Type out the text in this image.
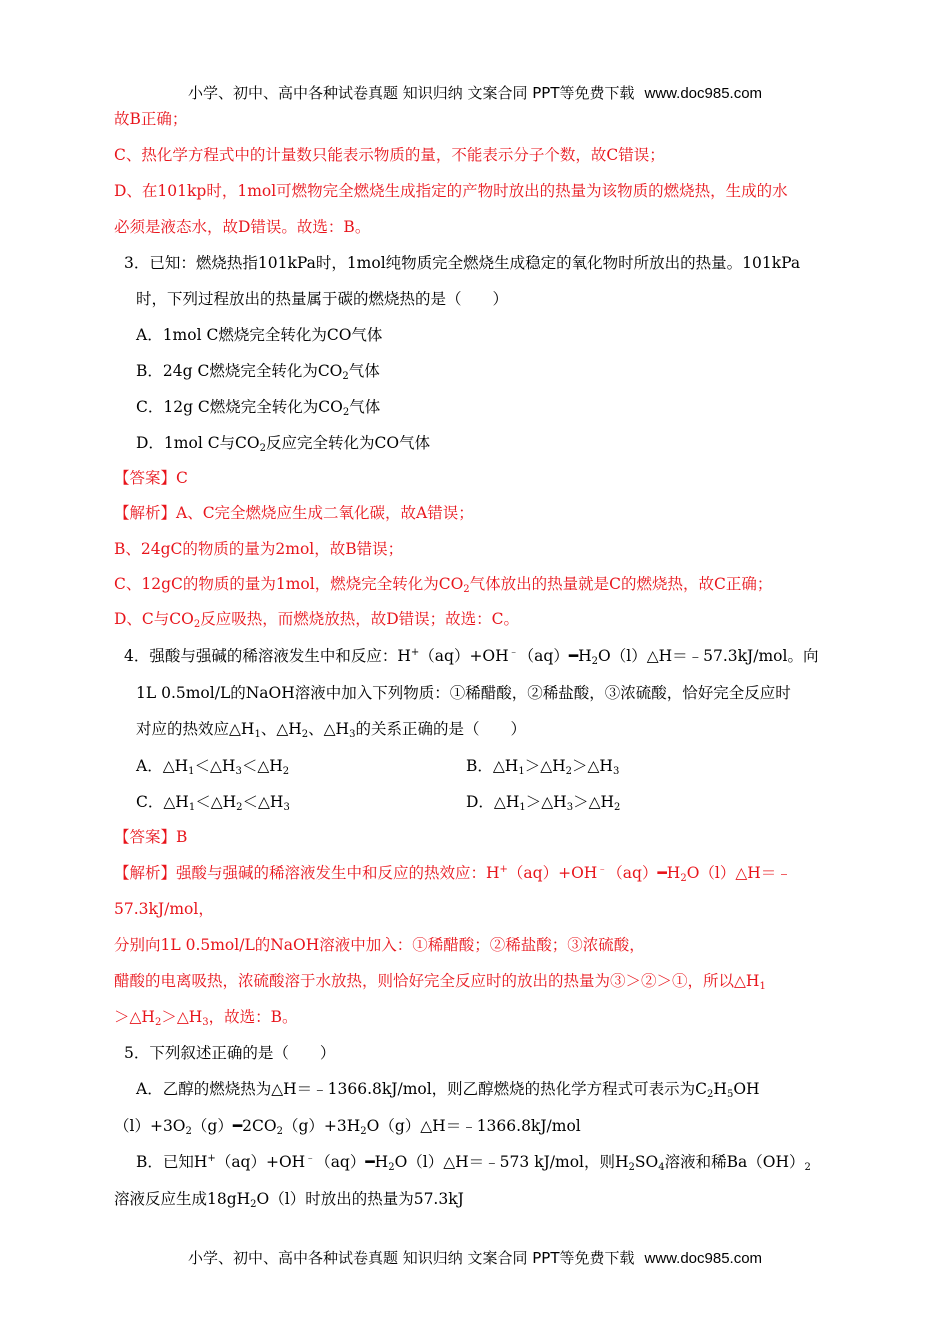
小学、初中、高中各种试卷真题 知识归纳 文案合同 PPT等免费下载 www.doc985.com
故B正确；
C、热化学方程式中的计量数只能表示物质的量，不能表示分子个数，故C错误；
D、在101kp时，1mol可燃物完全燃烧生成指定的产物时放出的热量为该物质的燃烧热，生成的水
必须是液态水，故D错误。故选：B。
3．已知：燃烧热指101kPa时，1mol纯物质完全燃烧生成稳定的氧化物时所放出的热量。101kPa
时，下列过程放出的热量属于碳的燃烧热的是（　　）
A．1mol C燃烧完全转化为CO气体
B．24g C燃烧完全转化为$CO_2$气体
C．12g C燃烧完全转化为$CO_2$气体
D．1mol C与$CO_2$反应完全转化为CO气体
【答案】C
【解析】A、C完全燃烧应生成二氧化碳，故A错误；
B、24gC的物质的量为2mol，故B错误；
C、12gC的物质的量为1mol，燃烧完全转化为$CO_2$气体放出的热量就是C的燃烧热，故C正确；
D、C与$CO_2$反应吸热，而燃烧放热，故D错误；故选：C。
4．强酸与强碱的稀溶液发生中和反应：$H^+(aq)+OH^﹣(aq)━H_2O(l)\triangle H=﹣57.3kJ$/mol。向
1L 0.5mol/L的NaOH溶液中加入下列物质：①稀醋酸，②稀盐酸，③浓硫酸，恰好完全反应时
对应的热效应$\triangle H_1$、$\triangle H_2$、$\triangle H_3$的关系正确的是（　　）
A．$\triangle H_1<\triangle H_3<\triangle H_2$	B．$\triangle H_1>\triangle H_2>\triangle H_3$
C．$\triangle H_1<\triangle H_2<\triangle H_3$	D．$\triangle H_1>\triangle H_3>\triangle H_2$
【答案】B
【解析】强酸与强碱的稀溶液发生中和反应的热效应：$H^+(aq)+OH^﹣(aq)━H_2O(l)\triangle H=﹣$
57.3kJ/mol，
分别向1L 0.5mol/L的NaOH溶液中加入：①稀醋酸；②稀盐酸；③浓硫酸，
醋酸的电离吸热，浓硫酸溶于水放热，则恰好完全反应时的放出的热量为③＞②＞①，所以$\triangle H_1$
$>\triangle H_2>\triangle H_3$，故选：B。
5．下列叙述正确的是（　　）
A．乙醇的燃烧热为△H＝﹣1366.8kJ/mol，则乙醇燃烧的热化学方程式可表示为$C_2H_5OH$
$(l)+3O_2(g)━2CO_2(g)+3H_2O(g)\triangle H=﹣1366.8kJ$/mol
B．已知$H^+(aq)+OH^﹣(aq)━H_2O(l)\triangle H=﹣573$ kJ/mol，则$H_2SO_4$溶液和稀$Ba(OH)_2$
溶液反应生成$18gH_2O(l)$时放出的热量为57.3kJ
小学、初中、高中各种试卷真题 知识归纳 文案合同 PPT等免费下载 www.doc985.com
